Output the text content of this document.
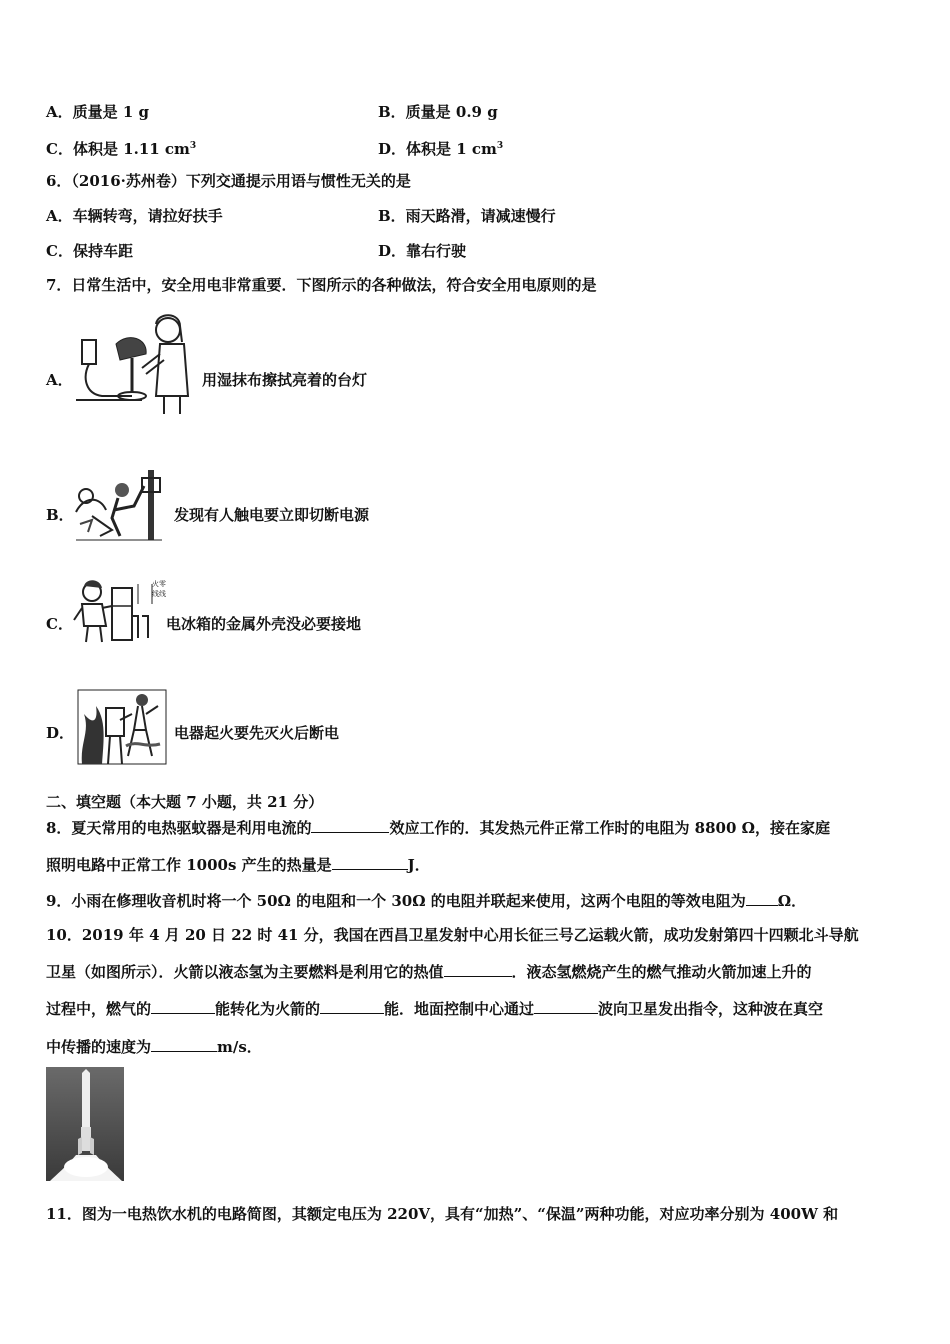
A．质量是 1 g	B．质量是 0.9 g
C．体积是 1.11 $cm^3$	D．体积是 1 $cm^3$
6．（2016·苏州卷）下列交通提示用语与惯性无关的是
A．车辆转弯，请拉好扶手	B．雨天路滑，请减速慢行
C．保持车距	D．靠右行驶
7．日常生活中，安全用电非常重要．下图所示的各种做法，符合安全用电原则的是
A．	用湿抹布擦拭亮着的台灯
B．	发现有人触电要立即切断电源
C．
火零
线线
电冰箱的金属外壳没必要接地
D．	电器起火要先灭火后断电
二、填空题（本大题 7 小题，共 21 分）
8．夏天常用的电热驱蚊器是利用电流的	效应工作的．其发热元件正常工作时的电阻为 8800 Ω，接在家庭
照明电路中正常工作 1000s 产生的热量是	J．
9．小雨在修理收音机时将一个 50Ω 的电阻和一个 30Ω 的电阻并联起来使用，这两个电阻的等效电阻为 Ω．
10．2019 年 4 月 20 日 22 时 41 分，我国在西昌卫星发射中心用长征三号乙运载火箭，成功发射第四十四颗北斗导航
卫星（如图所示）．火箭以液态氢为主要燃料是利用它的热值	．液态氢燃烧产生的燃气推动火箭加速上升的
过程中，燃气的	能转化为火箭的	能．地面控制中心通过	波向卫星发出指令，这种波在真空
中传播的速度为	m/s．
11．图为一电热饮水机的电路简图，其额定电压为 220V，具有“加热”、“保温”两种功能，对应功率分别为 400W 和
